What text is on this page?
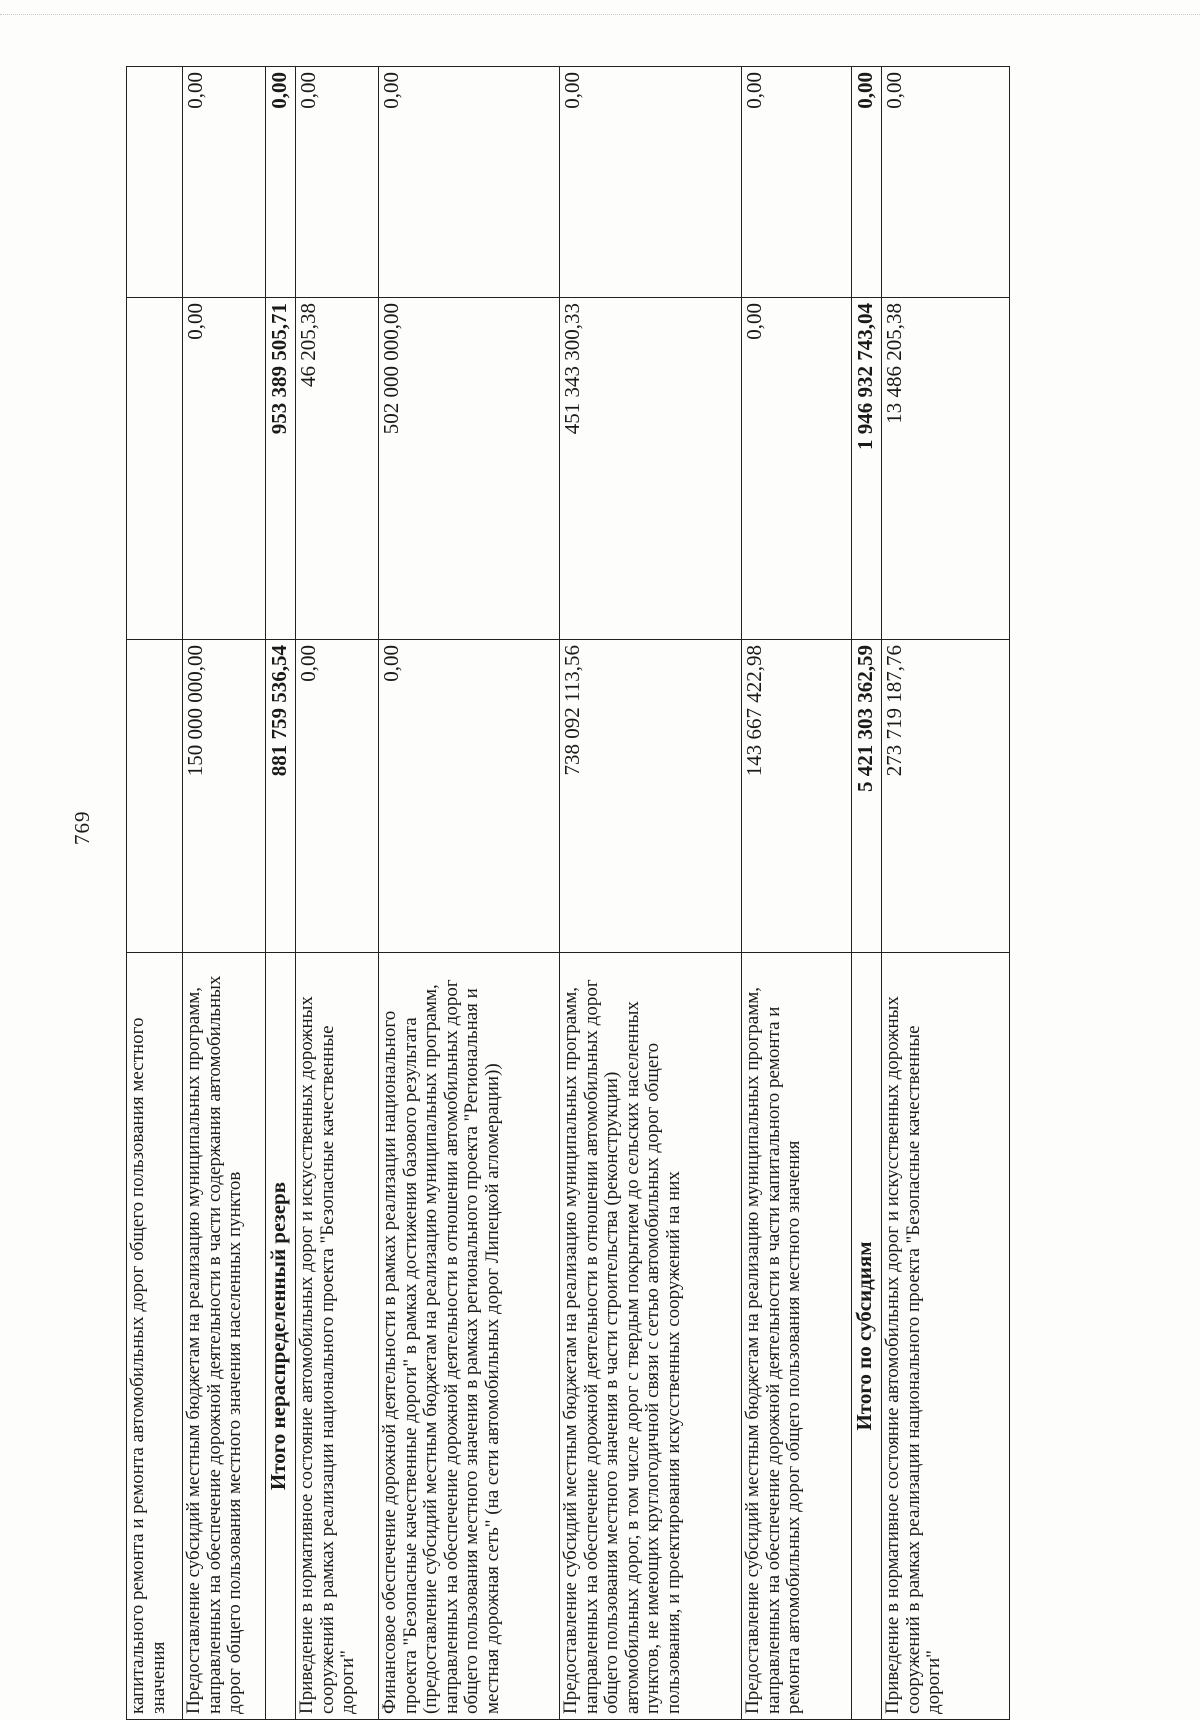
769
капитального ремонта и ремонта автомобильных дорог общего пользования местного значения			
Предоставление субсидий местным бюджетам на реализацию муниципальных программ, направленных на обеспечение дорожной деятельности в части содержания автомобильных дорог общего пользования местного значения населенных пунктов	150 000 000,00	0,00	0,00
Итого нераспределенный резерв	881 759 536,54	953 389 505,71	0,00
Приведение в нормативное состояние автомобильных дорог и искусственных дорожных сооружений в рамках реализации национального проекта "Безопасные качественные дороги"	0,00	46 205,38	0,00
Финансовое обеспечение дорожной деятельности в рамках реализации национального проекта "Безопасные качественные дороги" в рамках достижения базового результата (предоставление субсидий местным бюджетам на реализацию муниципальных программ, направленных на обеспечение дорожной деятельности в отношении автомобильных дорог общего пользования местного значения в рамках регионального проекта "Региональная и местная дорожная сеть" (на сети автомобильных дорог Липецкой агломерации))	0,00	502 000 000,00	0,00
Предоставление субсидий местным бюджетам на реализацию муниципальных программ, направленных на обеспечение дорожной деятельности в отношении автомобильных дорог общего пользования местного значения в части строительства (реконструкции) автомобильных дорог, в том числе дорог с твердым покрытием до сельских населенных пунктов, не имеющих круглогодичной связи с сетью автомобильных дорог общего пользования, и проектирования искусственных сооружений на них	738 092 113,56	451 343 300,33	0,00
Предоставление субсидий местным бюджетам на реализацию муниципальных программ, направленных на обеспечение дорожной деятельности в части капитального ремонта и ремонта автомобильных дорог общего пользования местного значения	143 667 422,98	0,00	0,00
Итого по субсидиям	5 421 303 362,59	1 946 932 743,04	0,00
Приведение в нормативное состояние автомобильных дорог и искусственных дорожных сооружений в рамках реализации национального проекта "Безопасные качественные дороги"	273 719 187,76	13 486 205,38	0,00
